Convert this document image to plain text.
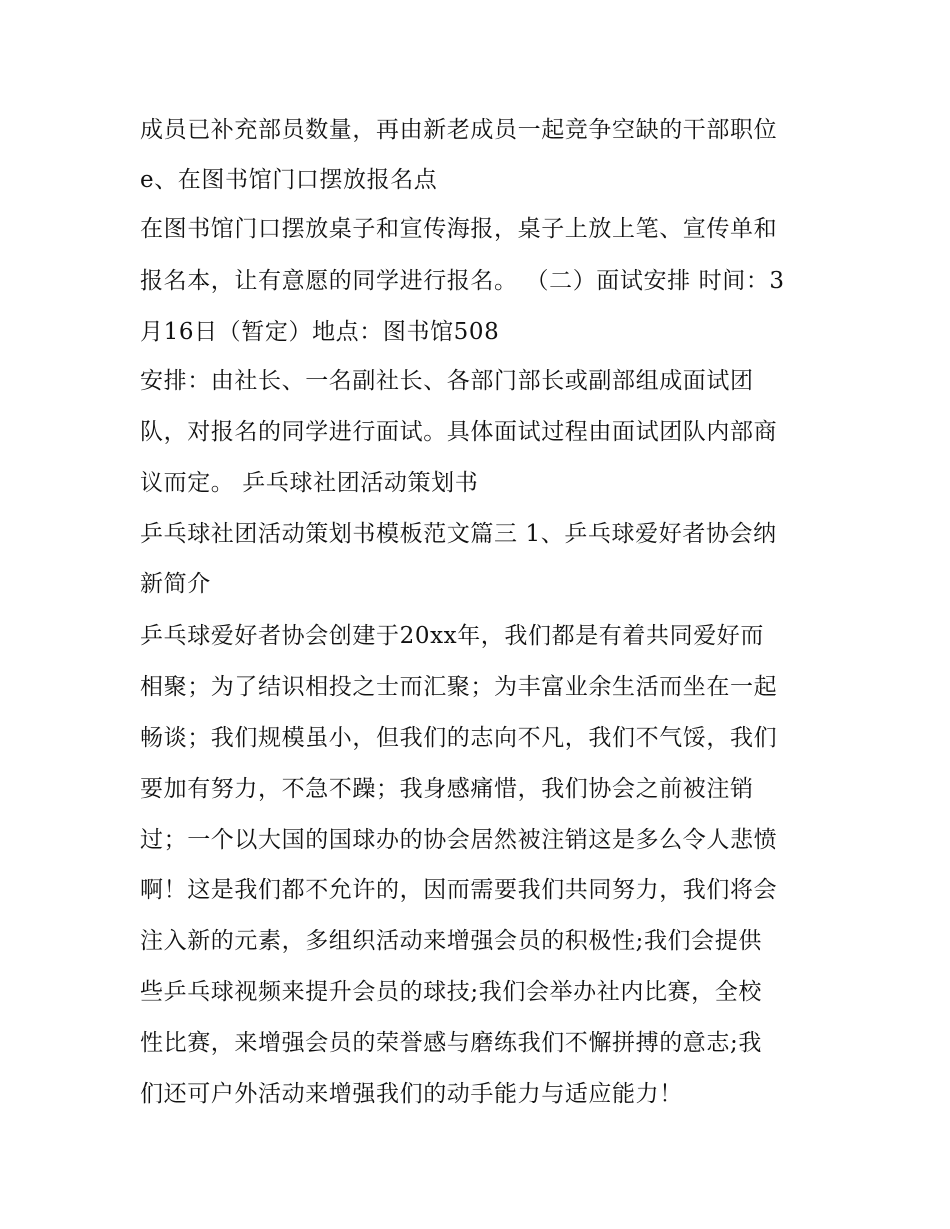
成员已补充部员数量，再由新老成员一起竞争空缺的干部职位
e、在图书馆门口摆放报名点
在图书馆门口摆放桌子和宣传海报，桌子上放上笔、宣传单和
报名本，让有意愿的同学进行报名。 （二）面试安排 时间：3
月16日（暂定）地点：图书馆508
安排：由社长、一名副社长、各部门部长或副部组成面试团
队，对报名的同学进行面试。具体面试过程由面试团队内部商
议而定。 乒乓球社团活动策划书
乒乓球社团活动策划书模板范文篇三 1、乒乓球爱好者协会纳
新简介
乒乓球爱好者协会创建于20xx年，我们都是有着共同爱好而
相聚；为了结识相投之士而汇聚；为丰富业余生活而坐在一起
畅谈；我们规模虽小，但我们的志向不凡，我们不气馁，我们
要加有努力，不急不躁；我身感痛惜，我们协会之前被注销
过；一个以大国的国球办的协会居然被注销这是多么令人悲愤
啊！这是我们都不允许的，因而需要我们共同努力，我们将会
注入新的元素，多组织活动来增强会员的积极性;我们会提供
些乒乓球视频来提升会员的球技;我们会举办社内比赛，全校
性比赛，来增强会员的荣誉感与磨练我们不懈拼搏的意志;我
们还可户外活动来增强我们的动手能力与适应能力！
